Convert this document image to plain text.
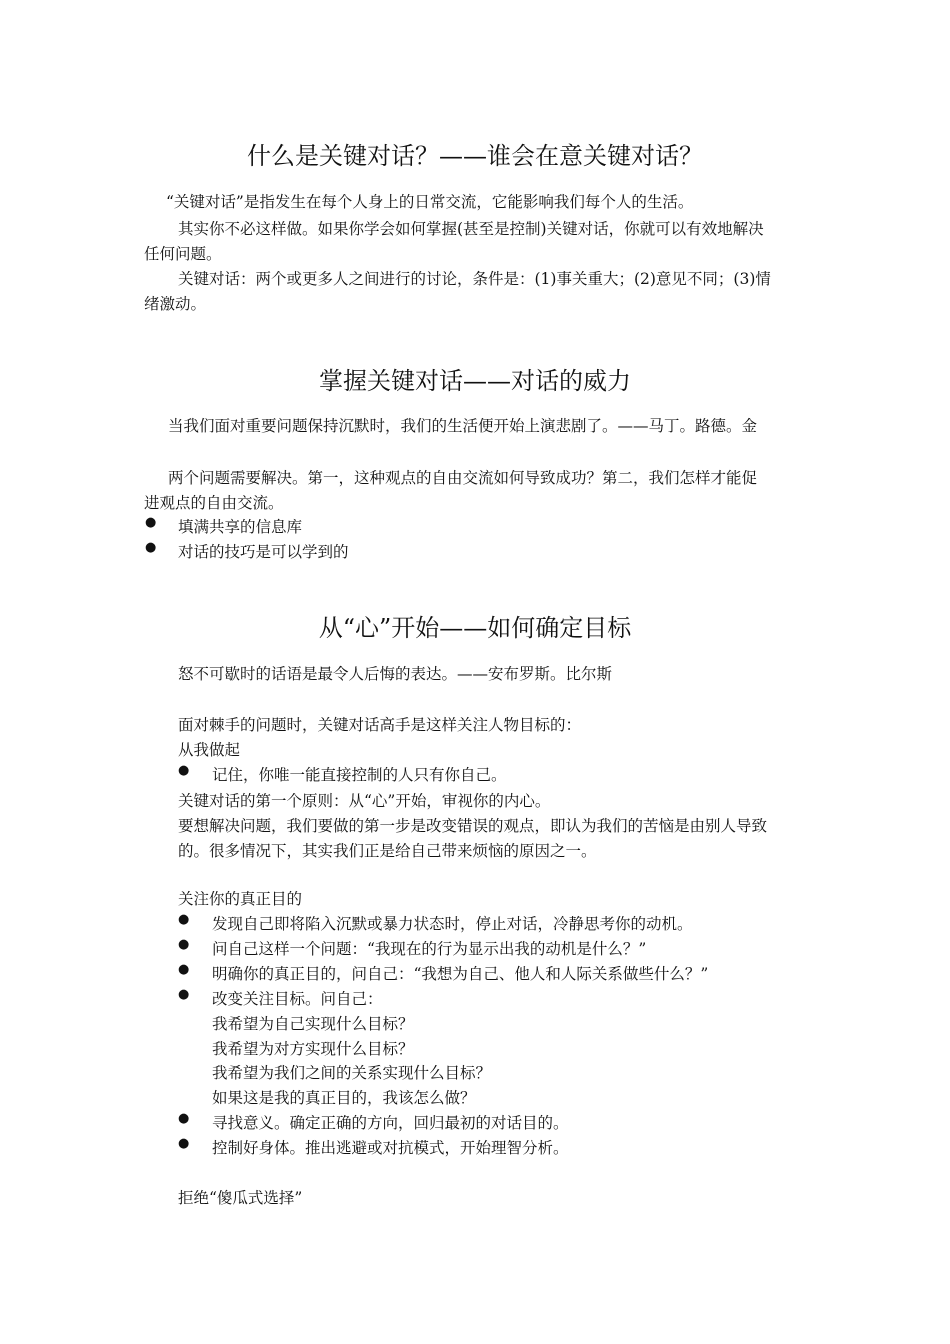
什么是关键对话？——谁会在意关键对话？

“关键对话”是指发生在每个人身上的日常交流，它能影响我们每个人的生活。

其实你不必这样做。如果你学会如何掌握(甚至是控制)关键对话，你就可以有效地解决

任何问题。

关键对话：两个或更多人之间进行的讨论，条件是：(1)事关重大；(2)意见不同；(3)情

绪激动。

掌握关键对话——对话的威力

当我们面对重要问题保持沉默时，我们的生活便开始上演悲剧了。——马丁。路德。金

两个问题需要解决。第一，这种观点的自由交流如何导致成功？第二，我们怎样才能促

进观点的自由交流。

● 填满共享的信息库

● 对话的技巧是可以学到的

从“心”开始——如何确定目标

怒不可歇时的话语是最令人后悔的表达。——安布罗斯。比尔斯

面对棘手的问题时，关键对话高手是这样关注人物目标的：

从我做起

● 记住，你唯一能直接控制的人只有你自己。

关键对话的第一个原则：从“心”开始，审视你的内心。

要想解决问题，我们要做的第一步是改变错误的观点，即认为我们的苦恼是由别人导致

的。很多情况下，其实我们正是给自己带来烦恼的原因之一。

关注你的真正目的

● 发现自己即将陷入沉默或暴力状态时，停止对话，冷静思考你的动机。

● 问自己这样一个问题：“我现在的行为显示出我的动机是什么？”

● 明确你的真正目的，问自己：“我想为自己、他人和人际关系做些什么？”

● 改变关注目标。问自己：

我希望为自己实现什么目标？

我希望为对方实现什么目标？

我希望为我们之间的关系实现什么目标？

如果这是我的真正目的，我该怎么做？

● 寻找意义。确定正确的方向，回归最初的对话目的。

● 控制好身体。推出逃避或对抗模式，开始理智分析。

拒绝“傻瓜式选择”
